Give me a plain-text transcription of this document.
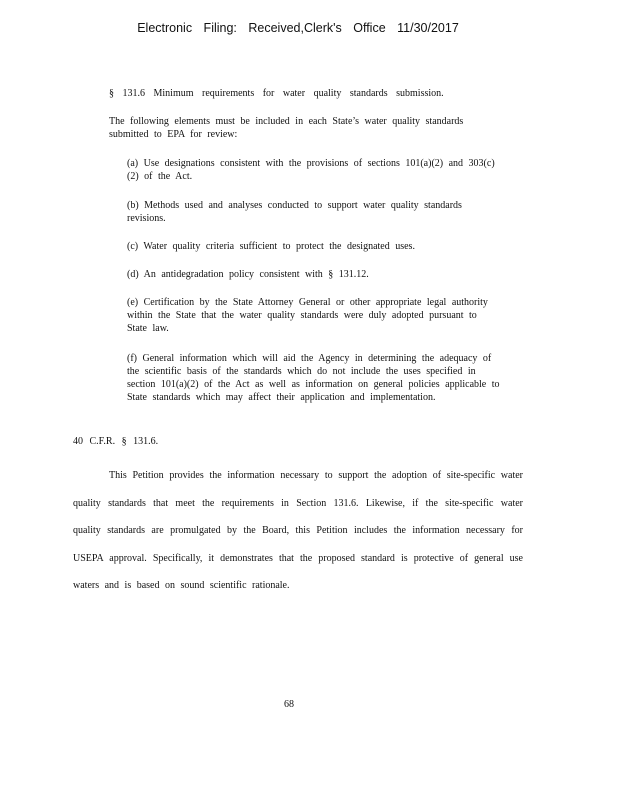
Electronic Filing: Received,Clerk's Office 11/30/2017

§ 131.6 Minimum requirements for water quality standards submission.

The following elements must be included in each State’s water quality standards submitted to EPA for review:

(a) Use designations consistent with the provisions of sections 101(a)(2) and 303(c)(2) of the Act.

(b) Methods used and analyses conducted to support water quality standards revisions.

(c) Water quality criteria sufficient to protect the designated uses.

(d) An antidegradation policy consistent with § 131.12.

(e) Certification by the State Attorney General or other appropriate legal authority within the State that the water quality standards were duly adopted pursuant to State law.

(f) General information which will aid the Agency in determining the adequacy of the scientific basis of the standards which do not include the uses specified in section 101(a)(2) of the Act as well as information on general policies applicable to State standards which may affect their application and implementation.

40 C.F.R. § 131.6.

This Petition provides the information necessary to support the adoption of site-specific water quality standards that meet the requirements in Section 131.6. Likewise, if the site-specific water quality standards are promulgated by the Board, this Petition includes the information necessary for USEPA approval. Specifically, it demonstrates that the proposed standard is protective of general use waters and is based on sound scientific rationale.

68
